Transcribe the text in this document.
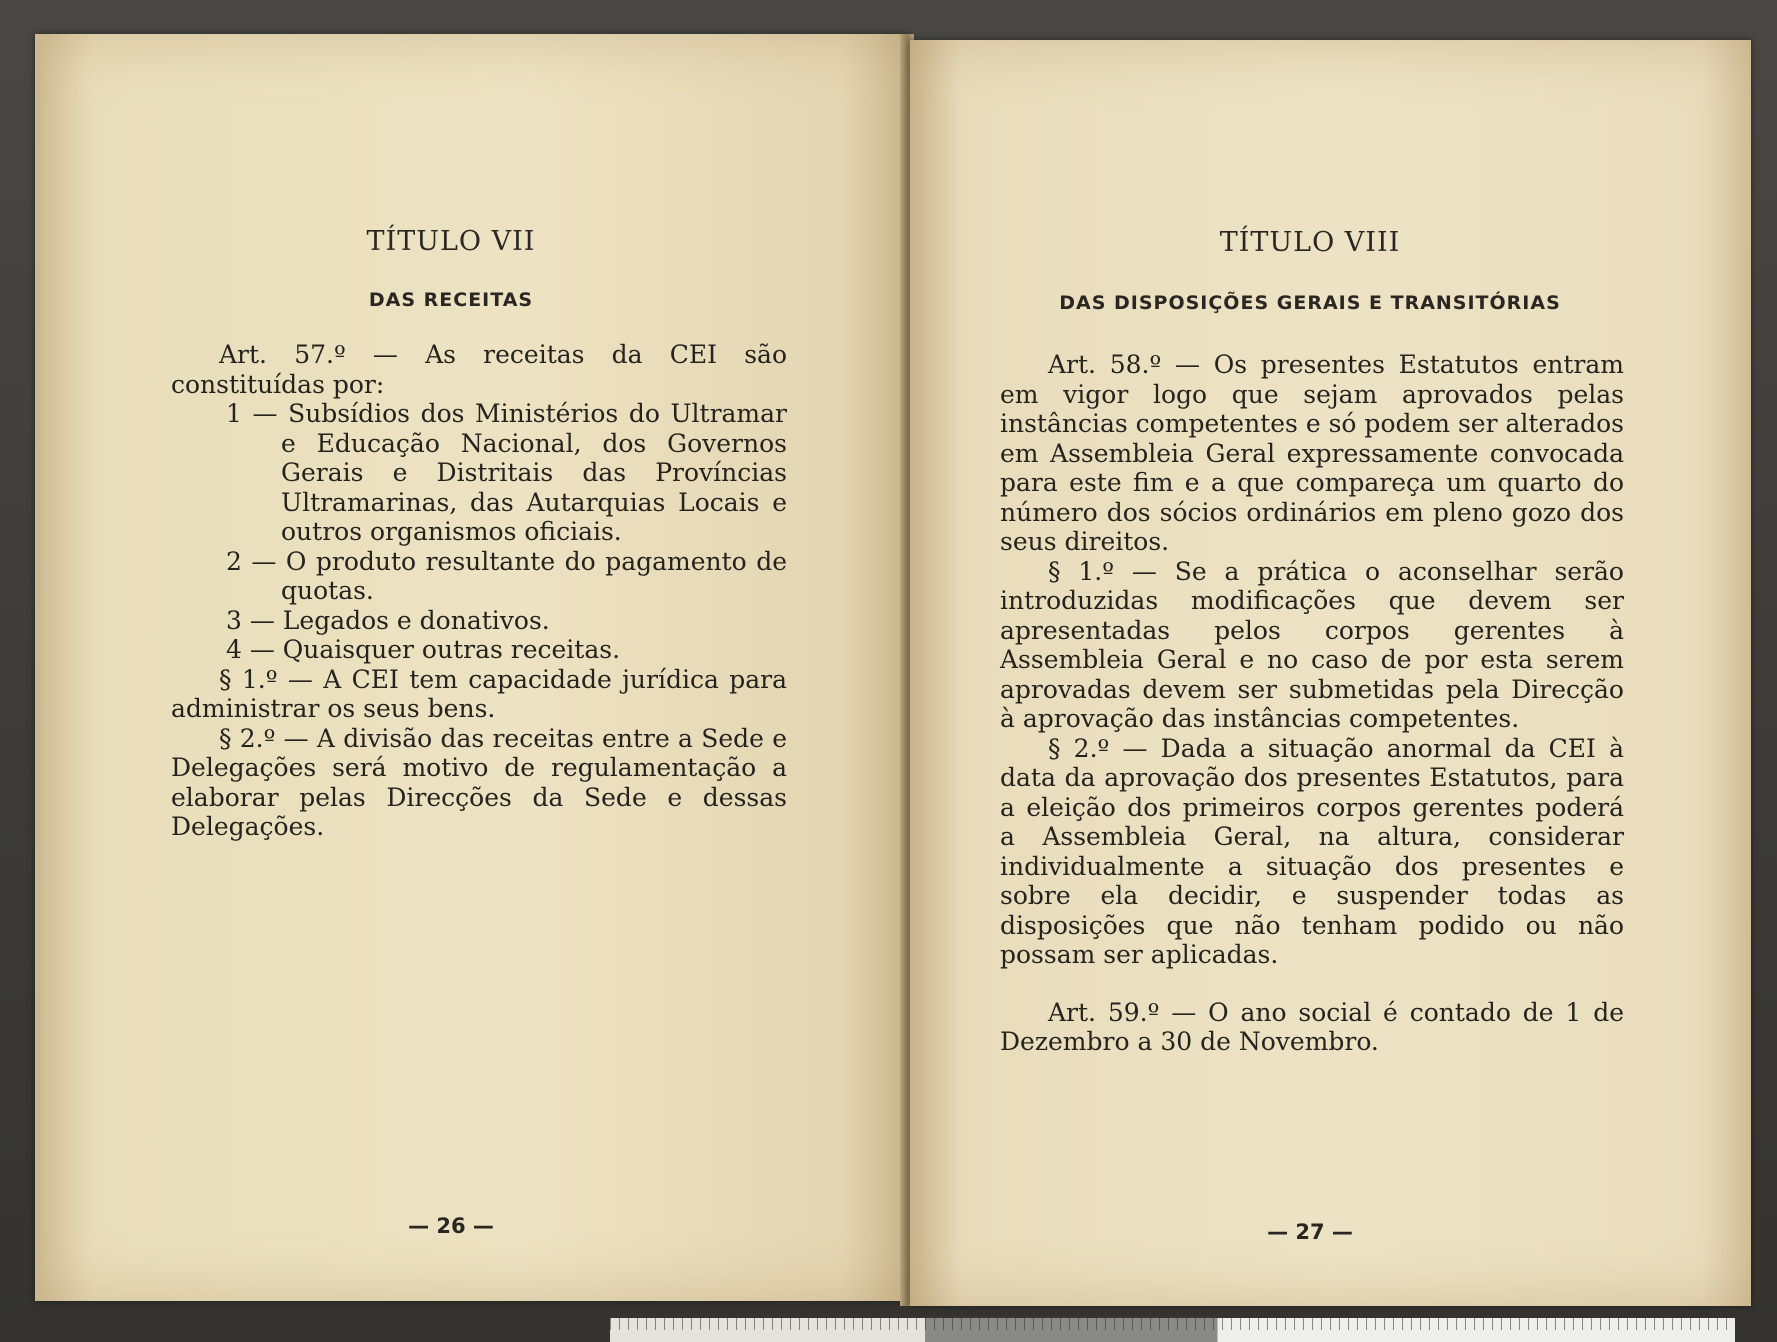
TÍTULO VII
DAS RECEITAS

Art. 57.º — As receitas da CEI são constituídas por:

1 — Subsídios dos Ministérios do Ultramar e Educação Nacional, dos Governos Gerais e Distritais das Províncias Ultramarinas, das Autarquias Locais e outros organismos oficiais.

2 — O produto resultante do pagamento de quotas.

3 — Legados e donativos.

4 — Quaisquer outras receitas.

§ 1.º — A CEI tem capacidade jurídica para administrar os seus bens.

§ 2.º — A divisão das receitas entre a Sede e Delegações será motivo de regulamentação a elaborar pelas Direcções da Sede e dessas Delegações.

— 26 —
TÍTULO VIII
DAS DISPOSIÇÕES GERAIS E TRANSITÓRIAS

Art. 58.º — Os presentes Estatutos entram em vigor logo que sejam aprovados pelas instâncias competentes e só podem ser alterados em Assembleia Geral expressamente convocada para este fim e a que compareça um quarto do número dos sócios ordinários em pleno gozo dos seus direitos.

§ 1.º — Se a prática o aconselhar serão introduzidas modificações que devem ser apresentadas pelos corpos gerentes à Assembleia Geral e no caso de por esta serem aprovadas devem ser submetidas pela Direcção à aprovação das instâncias competentes.

§ 2.º — Dada a situação anormal da CEI à data da aprovação dos presentes Estatutos, para a eleição dos primeiros corpos gerentes poderá a Assembleia Geral, na altura, considerar individualmente a situação dos presentes e sobre ela decidir, e suspender todas as disposições que não tenham podido ou não possam ser aplicadas.

Art. 59.º — O ano social é contado de 1 de Dezembro a 30 de Novembro.

— 27 —
